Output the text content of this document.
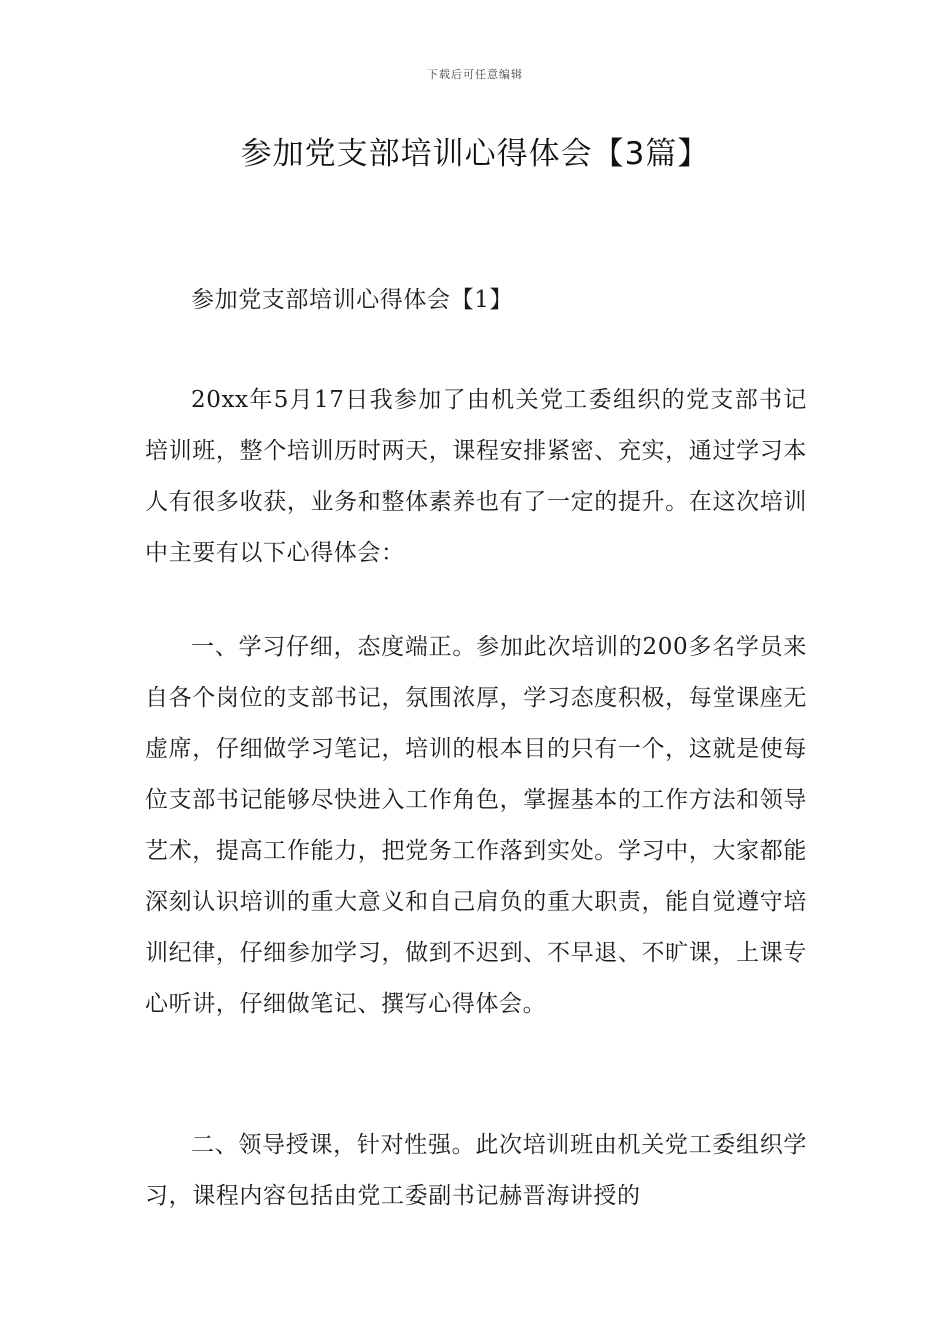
下载后可任意编辑
参加党支部培训心得体会【3篇】
参加党支部培训心得体会【1】

20xx年5月17日我参加了由机关党工委组织的党支部书记培训班，整个培训历时两天，课程安排紧密、充实，通过学习本人有很多收获，业务和整体素养也有了一定的提升。在这次培训中主要有以下心得体会：

一、学习仔细，态度端正。参加此次培训的200多名学员来自各个岗位的支部书记，氛围浓厚，学习态度积极，每堂课座无虚席，仔细做学习笔记，培训的根本目的只有一个，这就是使每位支部书记能够尽快进入工作角色，掌握基本的工作方法和领导艺术，提高工作能力，把党务工作落到实处。学习中，大家都能深刻认识培训的重大意义和自己肩负的重大职责，能自觉遵守培训纪律，仔细参加学习，做到不迟到、不早退、不旷课，上课专心听讲，仔细做笔记、撰写心得体会。

二、领导授课，针对性强。此次培训班由机关党工委组织学习，课程内容包括由党工委副书记赫晋海讲授的
